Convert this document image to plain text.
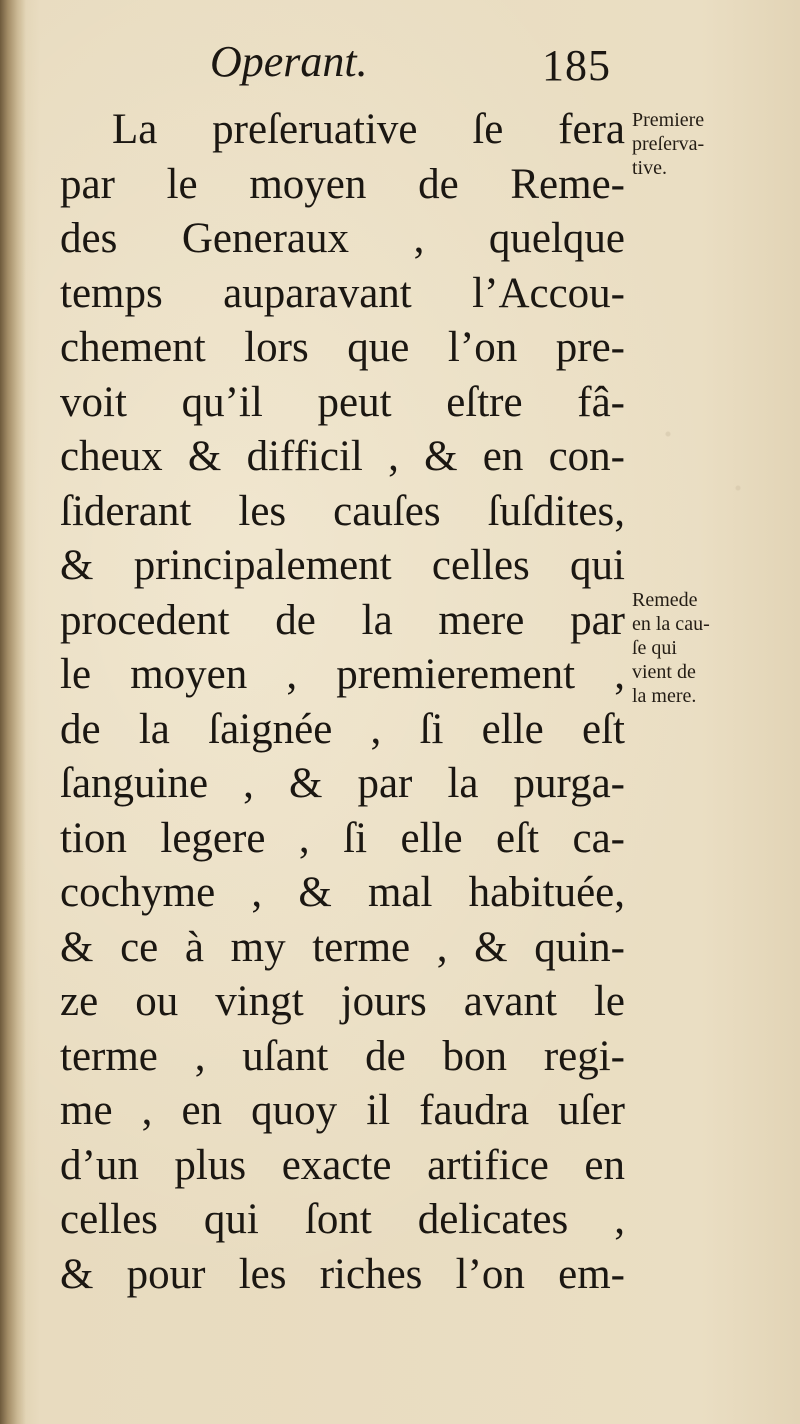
Operant.	185
La preſeruative ſe fera
par le moyen de Reme-
des Generaux , quelque
temps auparavant l’Accou-
chement lors que l’on pre-
voit qu’il peut eſtre fâ-
cheux & difficil , & en con-
ſiderant les cauſes ſuſdites,
& principalement celles qui
procedent de la mere par
le moyen , premierement ,
de la ſaignée , ſi elle eſt
ſanguine , & par la purga-
tion legere , ſi elle eſt ca-
cochyme , & mal habituée,
& ce à my terme , & quin-
ze ou vingt jours avant le
terme , uſant de bon regi-
me , en quoy il faudra uſer
d’un plus exacte artifice en
celles qui ſont delicates ,
& pour les riches l’on em-
Premiere
preſerva-
tive.
Remede
en la cau-
ſe qui
vient de
la mere.
